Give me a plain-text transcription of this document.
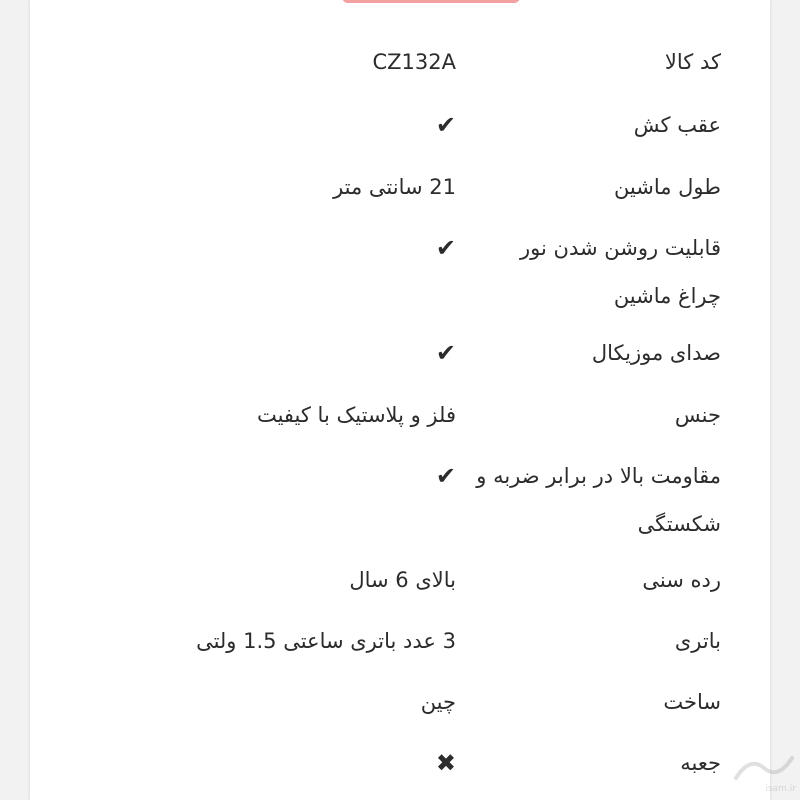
کد کالا
CZ132A
عقب کش
✔
طول ماشین
21 سانتی متر
قابلیت روشن شدن نور چراغ ماشین
✔
صدای موزیکال
✔
جنس
فلز و پلاستیک با کیفیت
مقاومت بالا در برابر ضربه و شکستگی
✔
رده سنی
بالای 6 سال
باتری
3 عدد باتری ساعتی 1.5 ولتی
ساخت
چین
جعبه
✖
isam.ir
